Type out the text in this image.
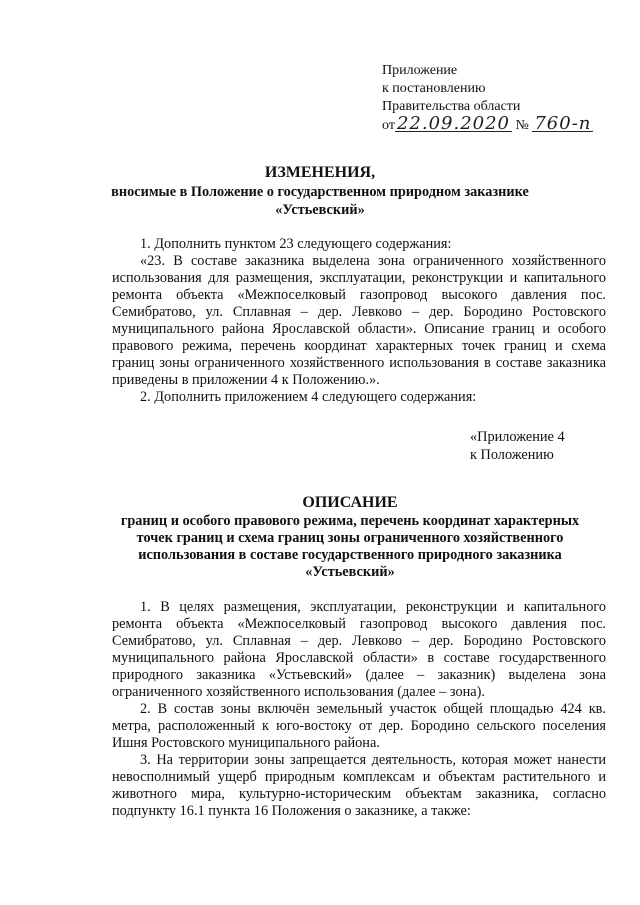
Приложение
к постановлению
Правительства области
от 22.09.2020 № 760-п
ИЗМЕНЕНИЯ,
вносимые в Положение о государственном природном заказнике
«Устьевский»

1. Дополнить пунктом 23 следующего содержания:

«23. В составе заказника выделена зона ограниченного хозяйственного использования для размещения, эксплуатации, реконструкции и капитального ремонта объекта «Межпоселковый газопровод высокого давления пос. Семибратово, ул. Сплавная – дер. Левково – дер. Бородино Ростовского муниципального района Ярославской области». Описание границ и особого правового режима, перечень координат характерных точек границ и схема границ зоны ограниченного хозяйственного использования в составе заказника приведены в приложении 4 к Положению.».

2. Дополнить приложением 4 следующего содержания:

«Приложение 4
к Положению
ОПИСАНИЕ
границ и особого правового режима, перечень координат характерных
точек границ и схема границ зоны ограниченного хозяйственного
использования в составе государственного природного заказника
«Устьевский»

1. В целях размещения, эксплуатации, реконструкции и капитального ремонта объекта «Межпоселковый газопровод высокого давления пос. Семибратово, ул. Сплавная – дер. Левково – дер. Бородино Ростовского муниципального района Ярославской области» в составе государственного природного заказника «Устьевский» (далее – заказник) выделена зона ограниченного хозяйственного использования (далее – зона).

2. В состав зоны включён земельный участок общей площадью 424 кв. метра, расположенный к юго-востоку от дер. Бородино сельского поселения Ишня Ростовского муниципального района.

3. На территории зоны запрещается деятельность, которая может нанести невосполнимый ущерб природным комплексам и объектам растительного и животного мира, культурно-историческим объектам заказника, согласно подпункту 16.1 пункта 16 Положения о заказнике, а также:
